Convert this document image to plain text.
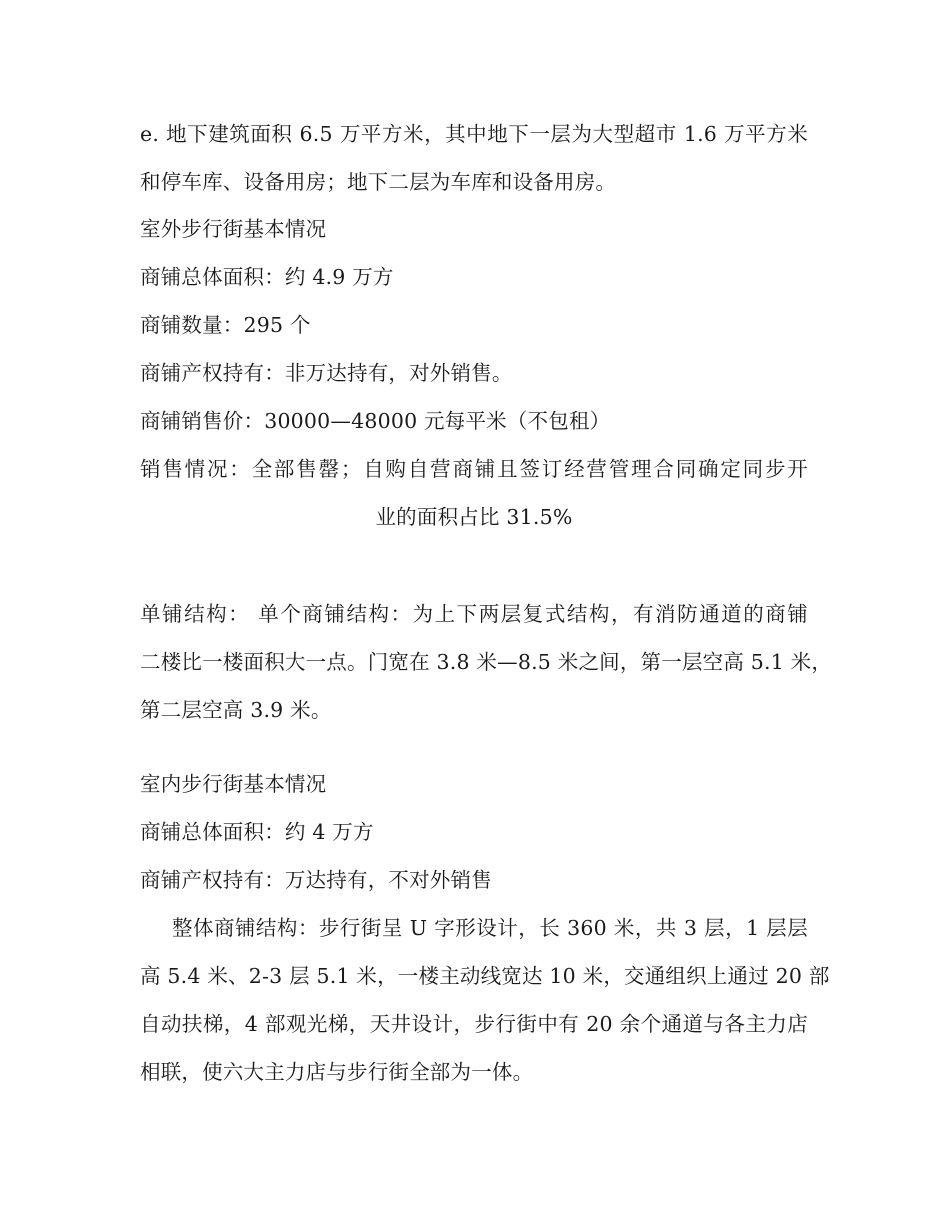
e. 地下建筑面积 6.5 万平方米，其中地下一层为大型超市 1.6 万平方米
和停车库、设备用房；地下二层为车库和设备用房。
室外步行街基本情况
商铺总体面积：约 4.9 万方
商铺数量：295 个
商铺产权持有：非万达持有，对外销售。
商铺销售价：30000—48000 元每平米（不包租）
销售情况：全部售罄；自购自营商铺且签订经营管理合同确定同步开
业的面积占比 31.5%
单铺结构： 单个商铺结构：为上下两层复式结构，有消防通道的商铺
二楼比一楼面积大一点。门宽在 3.8 米—8.5 米之间，第一层空高 5.1 米，
第二层空高 3.9 米。
室内步行街基本情况
商铺总体面积：约 4 万方
商铺产权持有：万达持有，不对外销售
整体商铺结构：步行街呈 U 字形设计，长 360 米，共 3 层，1 层层
高 5.4 米、2-3 层 5.1 米，一楼主动线宽达 10 米，交通组织上通过 20 部
自动扶梯，4 部观光梯，天井设计，步行街中有 20 余个通道与各主力店
相联，使六大主力店与步行街全部为一体。
